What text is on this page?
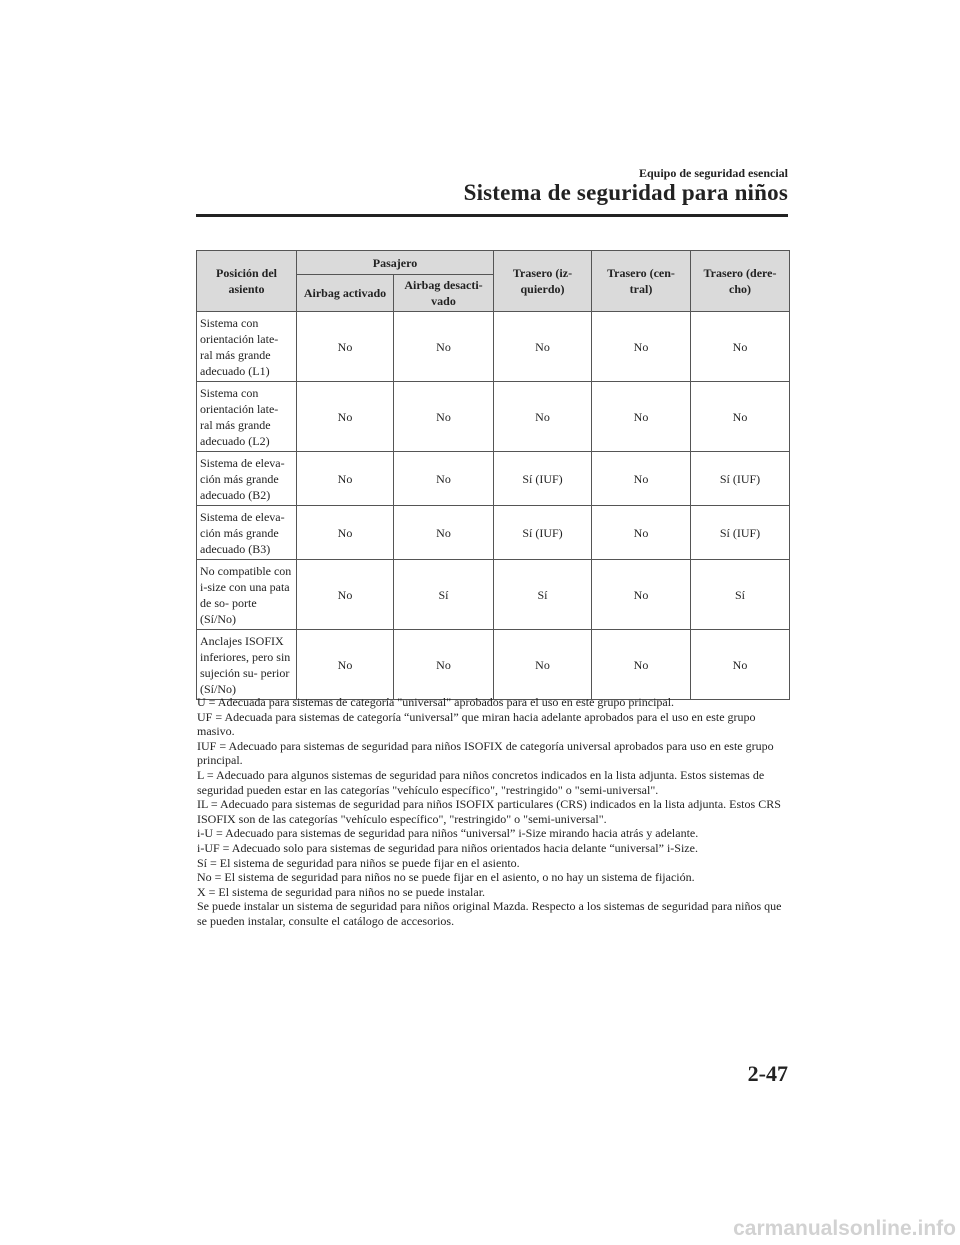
Equipo de seguridad esencial
Sistema de seguridad para niños
Posición del asiento	Pasajero		Trasero (iz- quierdo)	Trasero (cen- tral)	Trasero (dere- cho)
	Airbag activado	Airbag desacti- vado			
Sistema con orientación late- ral más grande adecuado (L1)	No	No	No	No	No
Sistema con orientación late- ral más grande adecuado (L2)	No	No	No	No	No
Sistema de eleva- ción más grande adecuado (B2)	No	No	Sí (IUF)	No	Sí (IUF)
Sistema de eleva- ción más grande adecuado (B3)	No	No	Sí (IUF)	No	Sí (IUF)
No compatible con i-size con una pata de so- porte (Sí/No)	No	Sí	Sí	No	Sí
Anclajes ISOFIX inferiores, pero sin sujeción su- perior (Sí/No)	No	No	No	No	No

U = Adecuada para sistemas de categoría "universal" aprobados para el uso en este grupo principal.

UF = Adecuada para sistemas de categoría “universal” que miran hacia adelante aprobados para el uso en este grupo masivo.

IUF = Adecuado para sistemas de seguridad para niños ISOFIX de categoría universal aprobados para uso en este grupo principal.

L = Adecuado para algunos sistemas de seguridad para niños concretos indicados en la lista adjunta. Estos sistemas de seguridad pueden estar en las categorías "vehículo específico", "restringido" o "semi-universal".

IL = Adecuado para sistemas de seguridad para niños ISOFIX particulares (CRS) indicados en la lista adjunta. Estos CRS ISOFIX son de las categorías "vehículo específico", "restringido" o "semi-universal".

i-U = Adecuado para sistemas de seguridad para niños “universal” i-Size mirando hacia atrás y adelante.

i-UF = Adecuado solo para sistemas de seguridad para niños orientados hacia delante “universal” i-Size.

Sí = El sistema de seguridad para niños se puede fijar en el asiento.

No = El sistema de seguridad para niños no se puede fijar en el asiento, o no hay un sistema de fijación.

X = El sistema de seguridad para niños no se puede instalar.

Se puede instalar un sistema de seguridad para niños original Mazda. Respecto a los sistemas de seguridad para niños que se pueden instalar, consulte el catálogo de accesorios.

2-47
carmanualsonline.info
